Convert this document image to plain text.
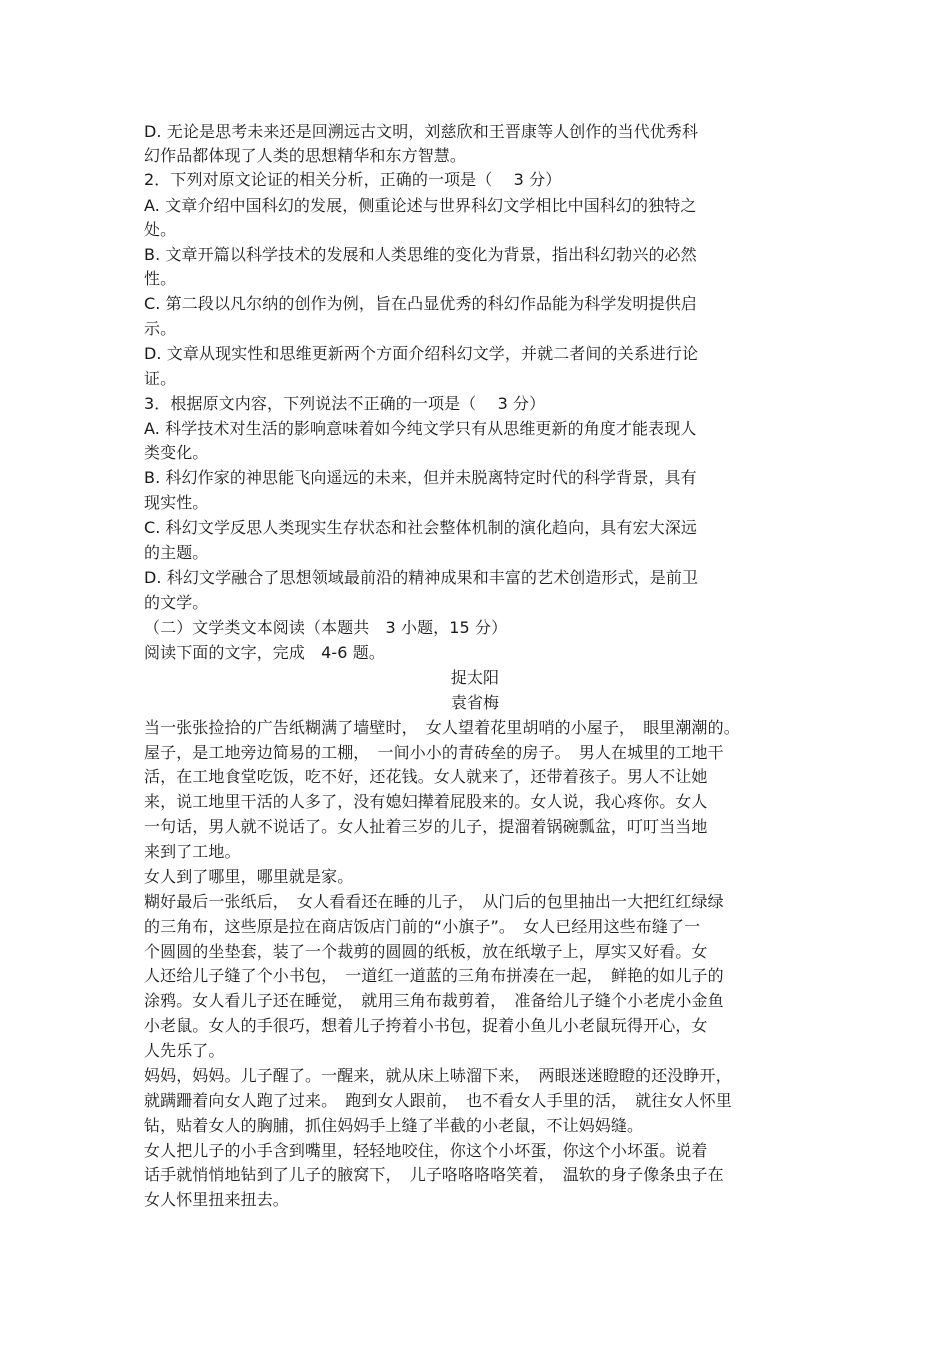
D. 无论是思考未来还是回溯远古文明，刘慈欣和王晋康等人创作的当代优秀科
幻作品都体现了人类的思想精华和东方智慧。
2．下列对原文论证的相关分析，正确的一项是（　 3 分）
A. 文章介绍中国科幻的发展，侧重论述与世界科幻文学相比中国科幻的独特之
处。
B. 文章开篇以科学技术的发展和人类思维的变化为背景，指出科幻勃兴的必然
性。
C. 第二段以凡尔纳的创作为例，旨在凸显优秀的科幻作品能为科学发明提供启
示。
D. 文章从现实性和思维更新两个方面介绍科幻文学，并就二者间的关系进行论
证。
3．根据原文内容，下列说法不正确的一项是（　 3 分）
A. 科学技术对生活的影响意味着如今纯文学只有从思维更新的角度才能表现人
类变化。
B. 科幻作家的神思能飞向遥远的未来，但并未脱离特定时代的科学背景，具有
现实性。
C. 科幻文学反思人类现实生存状态和社会整体机制的演化趋向，具有宏大深远
的主题。
D. 科幻文学融合了思想领域最前沿的精神成果和丰富的艺术创造形式，是前卫
的文学。
（二）文学类文本阅读（本题共　3 小题，15 分）
阅读下面的文字，完成　4-6 题。
捉太阳
袁省梅
当一张张捡拾的广告纸糊满了墙壁时，　女人望着花里胡哨的小屋子，　眼里潮潮的。
屋子，是工地旁边简易的工棚，　一间小小的青砖垒的房子。　男人在城里的工地干
活，在工地食堂吃饭，吃不好，还花钱。女人就来了，还带着孩子。男人不让她
来，说工地里干活的人多了，没有媳妇撵着屁股来的。女人说，我心疼你。女人
一句话，男人就不说话了。女人扯着三岁的儿子，提溜着锅碗瓢盆，叮叮当当地
来到了工地。
女人到了哪里，哪里就是家。
糊好最后一张纸后，　女人看看还在睡的儿子，　从门后的包里抽出一大把红红绿绿
的三角布，这些原是拉在商店饭店门前的“小旗子”。　女人已经用这些布缝了一
个圆圆的坐垫套，装了一个裁剪的圆圆的纸板，放在纸墩子上，厚实又好看。女
人还给儿子缝了个小书包，　一道红一道蓝的三角布拼凑在一起，　鲜艳的如儿子的
涂鸦。女人看儿子还在睡觉，　就用三角布裁剪着，　准备给儿子缝个小老虎小金鱼
小老鼠。女人的手很巧，想着儿子挎着小书包，捉着小鱼儿小老鼠玩得开心，女
人先乐了。
妈妈，妈妈。儿子醒了。一醒来，就从床上哧溜下来，　两眼迷迷瞪瞪的还没睁开，
就蹒跚着向女人跑了过来。　跑到女人跟前，　也不看女人手里的活，　就往女人怀里
钻，贴着女人的胸脯，抓住妈妈手上缝了半截的小老鼠，不让妈妈缝。
女人把儿子的小手含到嘴里，轻轻地咬住，你这个小坏蛋，你这个小坏蛋。说着
话手就悄悄地钻到了儿子的腋窝下，　儿子咯咯咯咯笑着，　温软的身子像条虫子在
女人怀里扭来扭去。
